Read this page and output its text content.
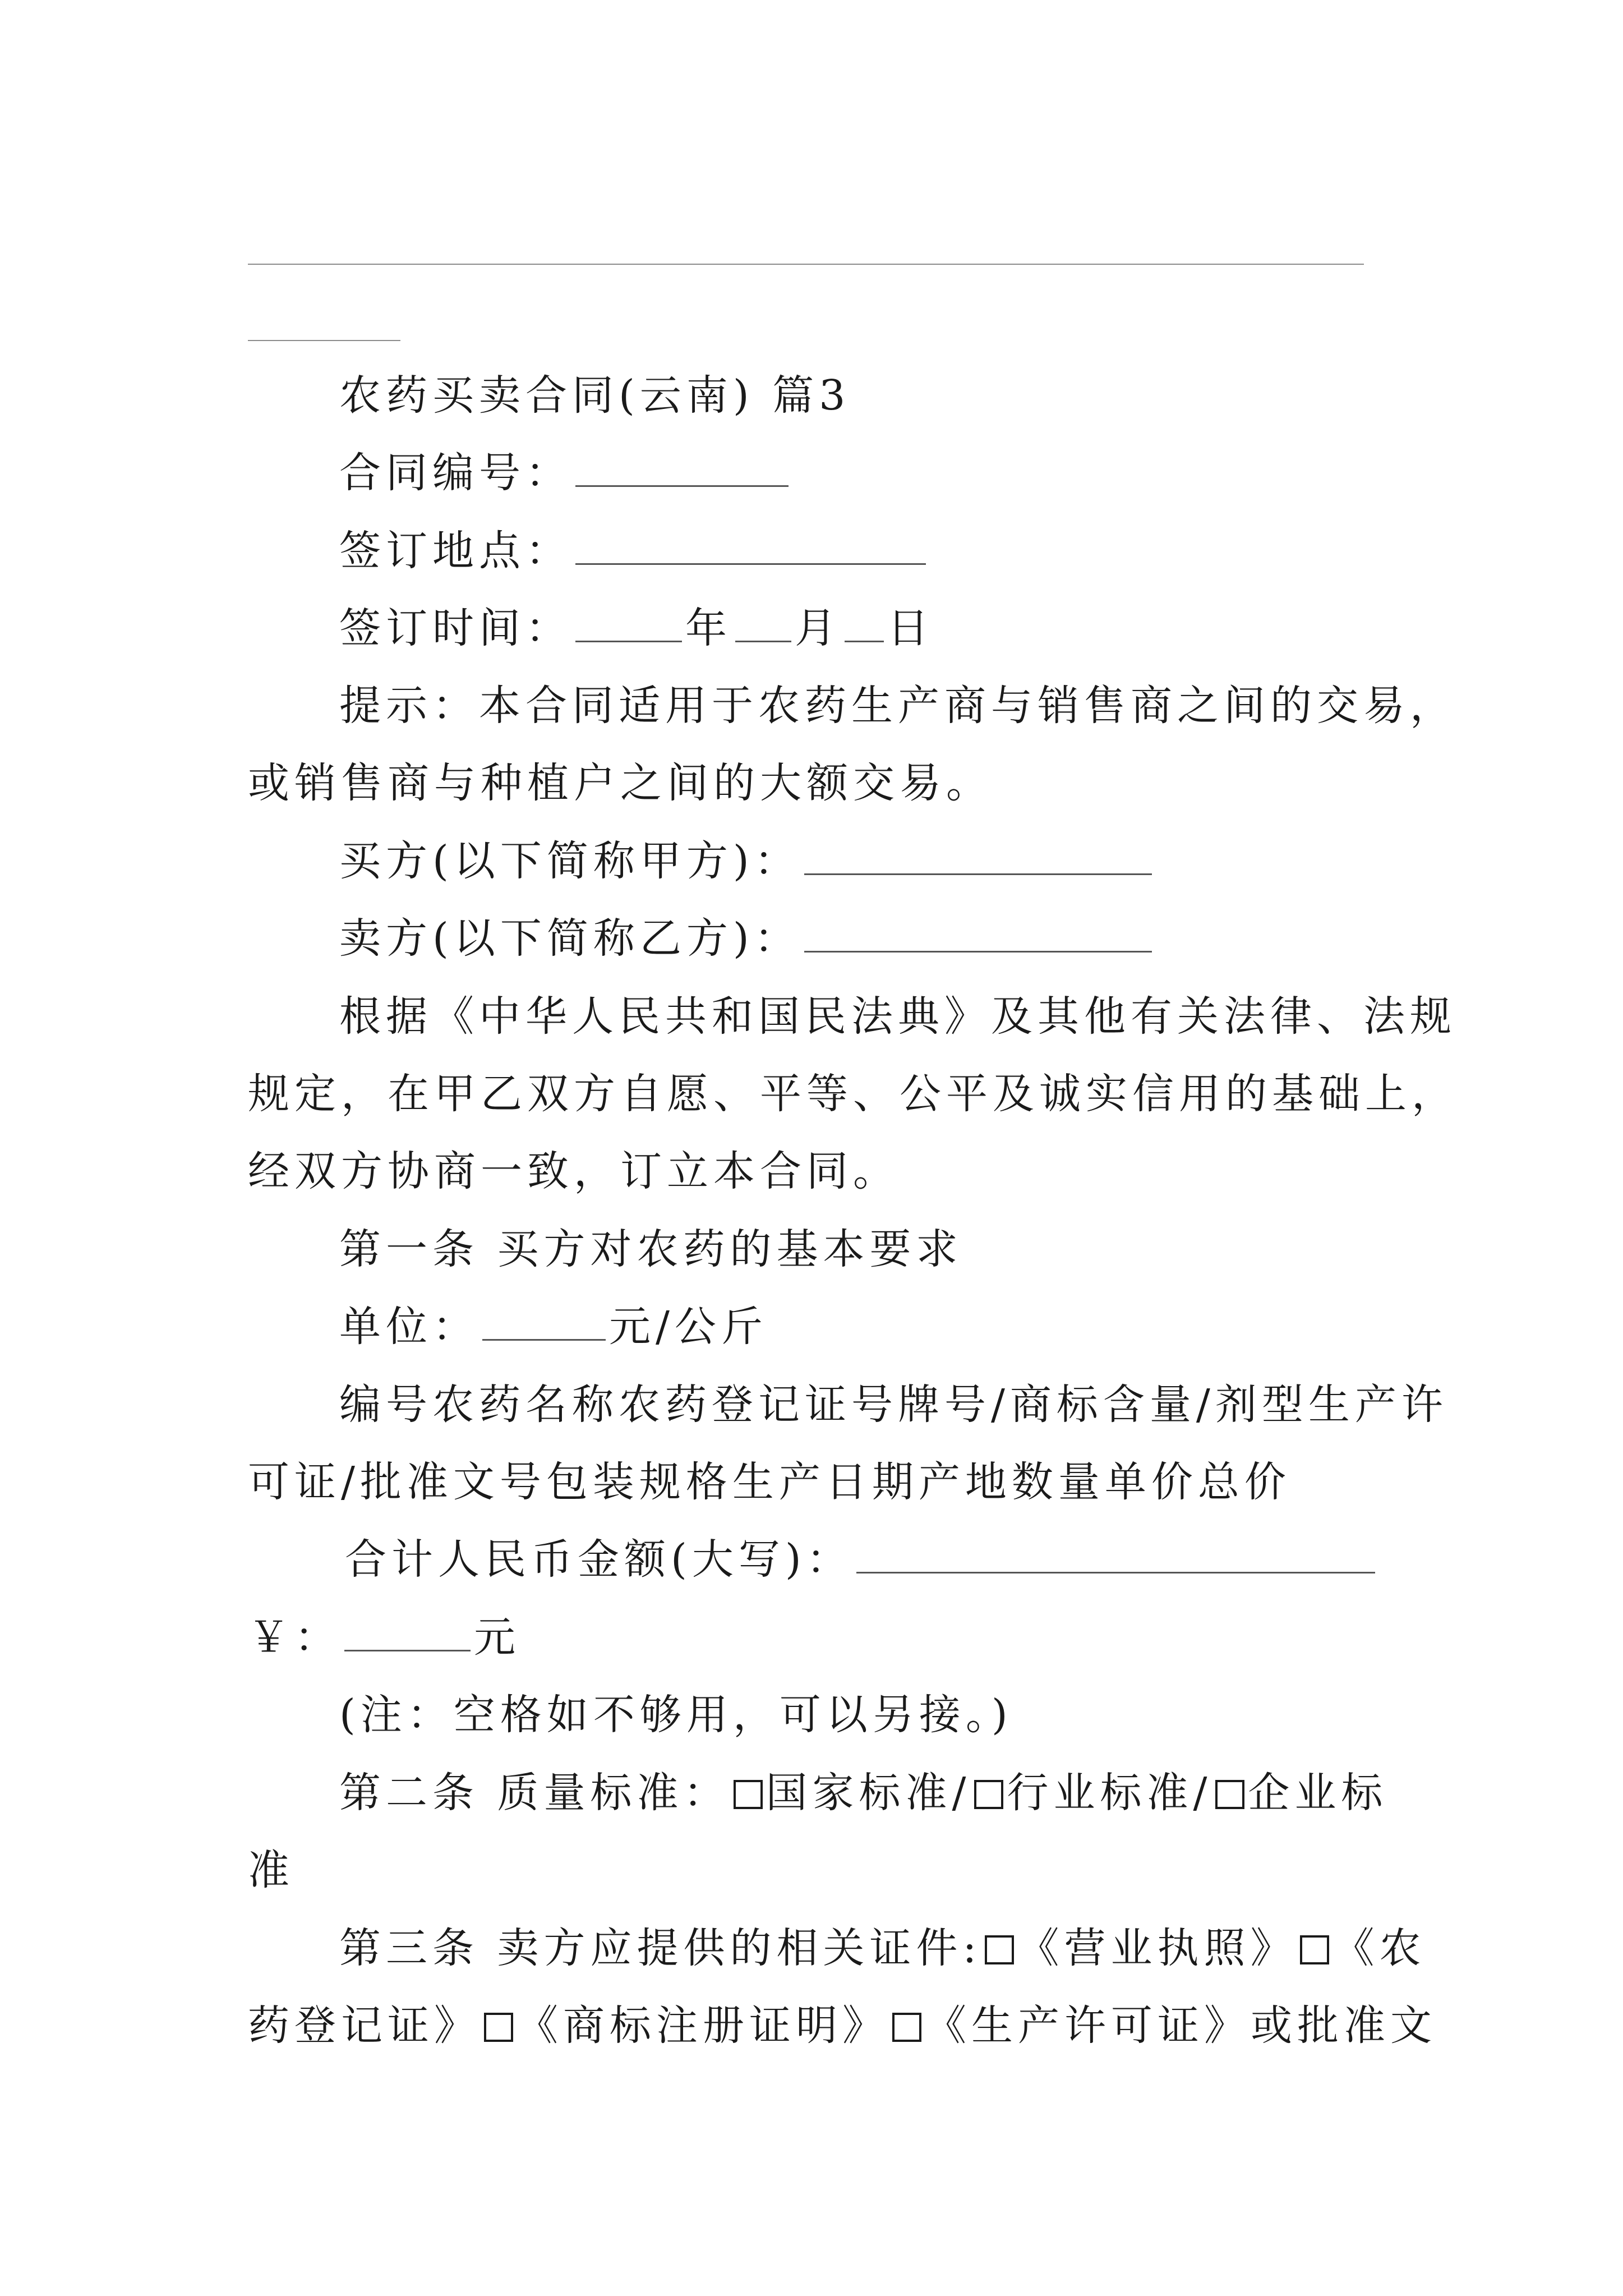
农药买卖合同(云南) 篇3
合同编号：
签订地点：
签订时间：	年 月 日
提示：本合同适用于农药生产商与销售商之间的交易，
或销售商与种植户之间的大额交易。
买方(以下简称甲方)：
卖方(以下简称乙方)：
根据《中华人民共和国民法典》及其他有关法律、法规
规定，在甲乙双方自愿、平等、公平及诚实信用的基础上，
经双方协商一致，订立本合同。
第一条 买方对农药的基本要求
单位：	元/公斤
编号农药名称农药登记证号牌号/商标含量/剂型生产许
可证/批准文号包装规格生产日期产地数量单价总价
合计人民币金额(大写)：
￥：	元
(注：空格如不够用，可以另接。)
第二条 质量标准： 国家标准/ 行业标准/ 企业标
准
第三条 卖方应提供的相关证件: 《营业执照》 《农
药登记证》 《商标注册证明》 《生产许可证》或批准文
